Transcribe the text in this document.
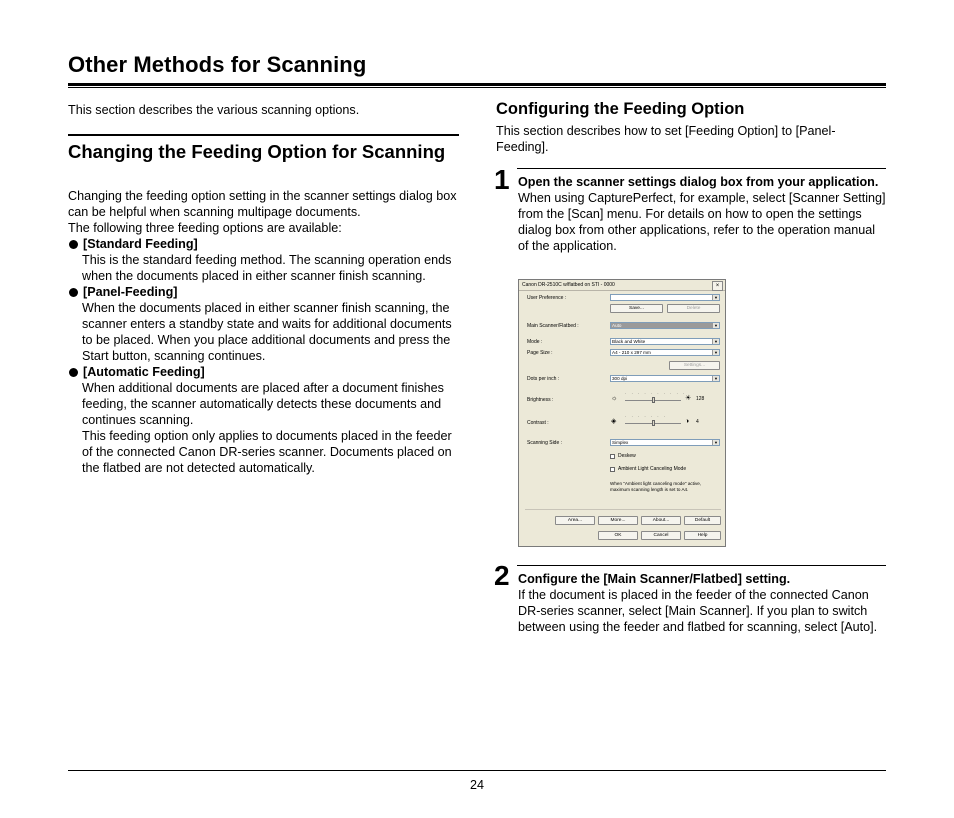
Other Methods for Scanning
This section describes the various scanning options.
Changing the Feeding Option for Scanning

Changing the feeding option setting in the scanner settings dialog box can be helpful when scanning multipage documents.

The following three feeding options are available:

[Standard Feeding]

This is the standard feeding method. The scanning operation ends when the documents placed in either scanner finish scanning.

[Panel-Feeding]

When the documents placed in either scanner finish scanning, the scanner enters a standby state and waits for additional documents to be placed. When you place additional documents and press the Start button, scanning continues.

[Automatic Feeding]

When additional documents are placed after a document finishes feeding, the scanner automatically detects these documents and continues scanning.

This feeding option only applies to documents placed in the feeder of the connected Canon DR-series scanner. Documents placed on the flatbed are not detected automatically.

Configuring the Feeding Option
This section describes how to set [Feeding Option] to [Panel-Feeding].
1 Open the scanner settings dialog box from your application.

When using CapturePerfect, for example, select [Scanner Setting] from the [Scan] menu. For details on how to open the settings dialog box from other applications, refer to the operation manual of the application.

Canon DR-2510C w/flatbed on STI - 0000	×
User Preference :	▼
Save...	Delete
Main Scanner/Flatbed :	Auto	▼
Mode :	Black and White	▼
Page Size :	A4 - 210 x 297 mm	▼
Settings...
Dots per inch :	300 dpi	▼
Brightness :	☼
· · · · · · · · · ·
☀ 128
Contrast :	◈
· · · · · · ·
◑ 4
Scanning Side :	Simplex	▼
Deskew
Ambient Light Canceling Mode
When "Ambient light canceling mode" active, maximum scanning length is set to A4.
Area...	More...	About...	Default
OK	Cancel	Help
2 Configure the [Main Scanner/Flatbed] setting.

If the document is placed in the feeder of the connected Canon DR-series scanner, select [Main Scanner]. If you plan to switch between using the feeder and flatbed for scanning, select [Auto].

24
